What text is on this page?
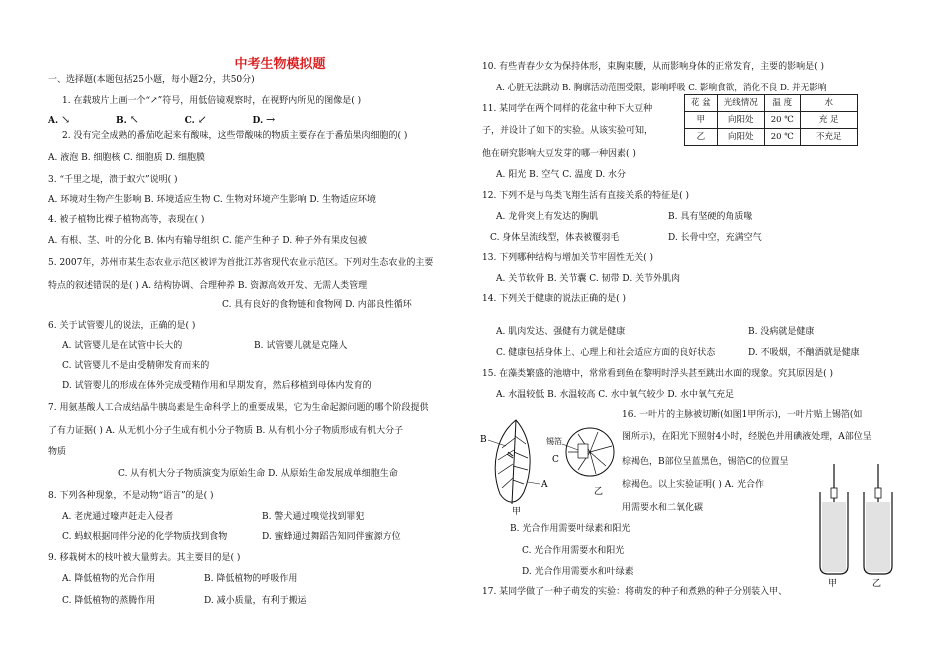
中考生物模拟题
一、选择题(本题包括25小题，每小题2分，共50分)
1. 在载玻片上画一个“↗”符号，用低倍镜观察时，在视野内所见的图像是( )
A. ↘	B. ↖	C. ↙	D. →
2. 没有完全成熟的番茄吃起来有酸味，这些带酸味的物质主要存在于番茄果肉细胞的( )
A. 液泡 B. 细胞核 C. 细胞质 D. 细胞膜
3. “千里之堤，溃于蚁穴”说明( )
A. 环境对生物产生影响 B. 环境适应生物 C. 生物对环境产生影响 D. 生物适应环境
4. 被子植物比裸子植物高等，表现在( )
A. 有根、茎、叶的分化 B. 体内有输导组织 C. 能产生种子 D. 种子外有果皮包被
5. 2007年，苏州市某生态农业示范区被评为首批江苏省现代农业示范区。下列对生态农业的主要
特点的叙述错误的是( ) A. 结构协调、合理种养 B. 资源高效开发、无需人类管理
C. 具有良好的食物链和食物网 D. 内部良性循环
6. 关于试管婴儿的说法，正确的是( )
A. 试管婴儿是在试管中长大的	B. 试管婴儿就是克隆人
C. 试管婴儿不是由受精卵发育而来的
D. 试管婴儿的形成在体外完成受精作用和早期发育，然后移植到母体内发育的
7. 用氨基酸人工合成结晶牛胰岛素是生命科学上的重要成果，它为生命起源问题的哪个阶段提供
了有力证据( ) A. 从无机小分子生成有机小分子物质 B. 从有机小分子物质形成有机大分子
物质
C. 从有机大分子物质演变为原始生命 D. 从原始生命发展成单细胞生命
8. 下列各种现象，不是动物“语言”的是( )
A. 老虎通过嚎声赶走入侵者	B. 警犬通过嗅觉找到罪犯
C. 蚂蚁根据同伴分泌的化学物质找到食物	D. 蜜蜂通过舞蹈告知同伴蜜源方位
9. 移栽树木的枝叶被大量剪去。其主要目的是( )
A. 降低植物的光合作用	B. 降低植物的呼吸作用
C. 降低植物的蒸腾作用	D. 减小质量，有利于搬运
10. 有些青春少女为保持体形，束胸束腰，从而影响身体的正常发育，主要的影响是( )
A. 心脏无法跳动 B. 胸廓活动范围受限，影响呼吸 C. 影响食欲，消化不良 D. 并无影响
11. 某同学在两个同样的花盆中种下大豆种
子，并设计了如下的实验。从该实验可知，
他在研究影响大豆发芽的哪一种因素( )
A. 阳光 B. 空气 C. 温度 D. 水分
花 盆	光线情况	温 度	水
甲	向阳处	20 ℃	充 足
乙	向阳处	20 ℃	不充足
12. 下列不是与鸟类飞翔生活有直接关系的特征是( )
A. 龙骨突上有发达的胸肌	B. 具有坚硬的角质喙
C. 身体呈流线型，体表被覆羽毛	D. 长骨中空，充满空气
13. 下列哪种结构与增加关节牢固性无关( )
A. 关节软骨 B. 关节囊 C. 韧带 D. 关节外肌肉
14. 下列关于健康的说法正确的是( )
A. 肌肉发达、强健有力就是健康	B. 没病就是健康
C. 健康包括身体上、心理上和社会适应方面的良好状态	D. 不吸烟，不酗酒就是健康
15. 在藻类繁盛的池塘中，常常看到鱼在黎明时浮头甚至跳出水面的现象。究其原因是( )
A. 水温较低 B. 水温较高 C. 水中氧气较少 D. 水中氧气充足
16. 一叶片的主脉被切断(如图1甲所示)，一叶片贴上锡箔(如
图所示)，在阳光下照射4小时，经脱色并用碘液处理，A部位呈
棕褐色，B部位呈蓝黑色，锡箔C的位置呈
棕褐色。以上实验证明( ) A. 光合作
用需要水和二氧化碳
B. 光合作用需要叶绿素和阳光
C. 光合作用需要水和阳光
D. 光合作用需要水和叶绿素
17. 某同学做了一种子萌发的实验：将萌发的种子和煮熟的种子分别装入甲、
B
A
甲
锡箔
C
乙
甲	乙
